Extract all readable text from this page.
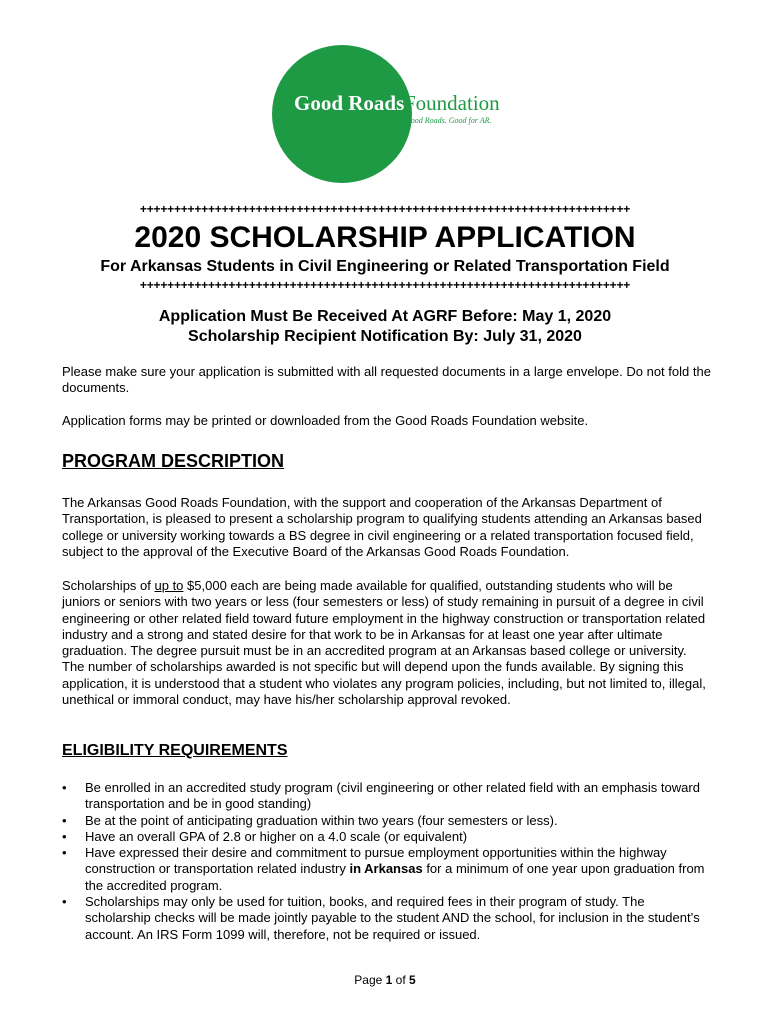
Good Roads Foundation
Good Roads. Good for AR.
++++++++++++++++++++++++++++++++++++++++++++++++++++++++++++++++++++++++
2020 SCHOLARSHIP APPLICATION
For Arkansas Students in Civil Engineering or Related Transportation Field
++++++++++++++++++++++++++++++++++++++++++++++++++++++++++++++++++++++++
Application Must Be Received At AGRF Before: May 1, 2020
Scholarship Recipient Notification By: July 31, 2020
Please make sure your application is submitted with all requested documents in a large envelope. Do not fold the documents.
Application forms may be printed or downloaded from the Good Roads Foundation website.
PROGRAM DESCRIPTION
The Arkansas Good Roads Foundation, with the support and cooperation of the Arkansas Department of Transportation, is pleased to present a scholarship program to qualifying students attending an Arkansas based college or university working towards a BS degree in civil engineering or a related transportation focused field, subject to the approval of the Executive Board of the Arkansas Good Roads Foundation.
Scholarships of up to $5,000 each are being made available for qualified, outstanding students who will be juniors or seniors with two years or less (four semesters or less) of study remaining in pursuit of a degree in civil engineering or other related field toward future employment in the highway construction or transportation related industry and a strong and stated desire for that work to be in Arkansas for at least one year after ultimate graduation. The degree pursuit must be in an accredited program at an Arkansas based college or university. The number of scholarships awarded is not specific but will depend upon the funds available. By signing this application, it is understood that a student who violates any program policies, including, but not limited to, illegal, unethical or immoral conduct, may have his/her scholarship approval revoked.
ELIGIBILITY REQUIREMENTS
• Be enrolled in an accredited study program (civil engineering or other related field with an emphasis toward transportation and be in good standing)
• Be at the point of anticipating graduation within two years (four semesters or less).
• Have an overall GPA of 2.8 or higher on a 4.0 scale (or equivalent)
• Have expressed their desire and commitment to pursue employment opportunities within the highway construction or transportation related industry in Arkansas for a minimum of one year upon graduation from the accredited program.
• Scholarships may only be used for tuition, books, and required fees in their program of study. The scholarship checks will be made jointly payable to the student AND the school, for inclusion in the student’s account. An IRS Form 1099 will, therefore, not be required or issued.
Page 1 of 5
